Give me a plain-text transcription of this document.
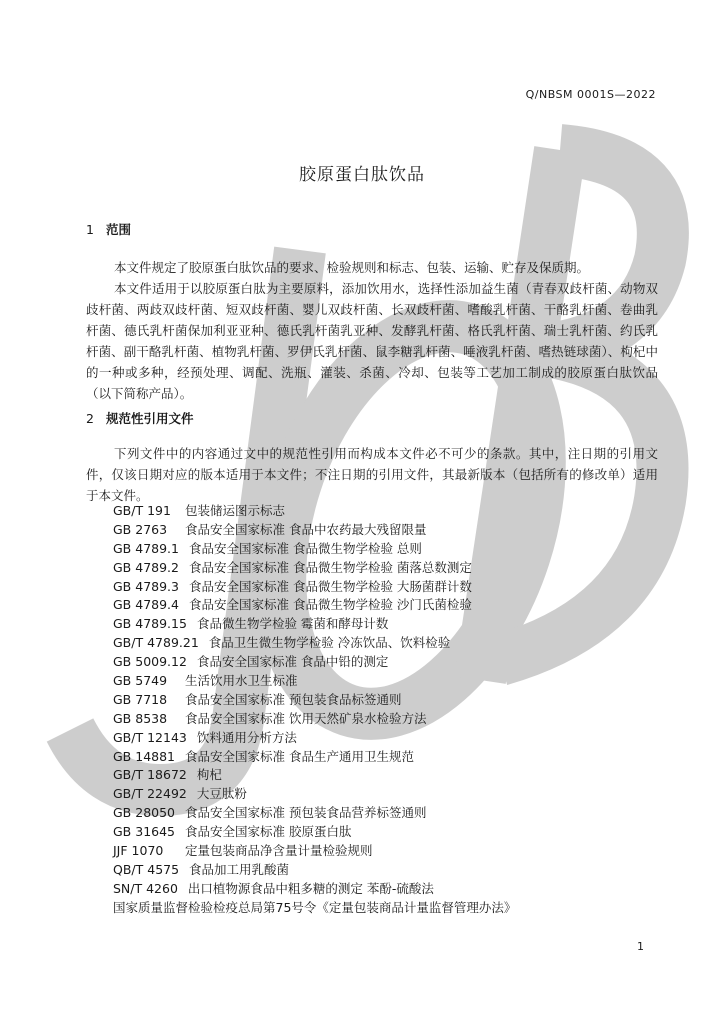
Q/NBSM 0001S—2022
胶原蛋白肽饮品
1 范围

本文件规定了胶原蛋白肽饮品的要求、检验规则和标志、包装、运输、贮存及保质期。

本文件适用于以胶原蛋白肽为主要原料，添加饮用水，选择性添加益生菌（青春双歧杆菌、动物双歧杆菌、两歧双歧杆菌、短双歧杆菌、婴儿双歧杆菌、长双歧杆菌、嗜酸乳杆菌、干酪乳杆菌、卷曲乳杆菌、德氏乳杆菌保加利亚亚种、德氏乳杆菌乳亚种、发酵乳杆菌、格氏乳杆菌、瑞士乳杆菌、约氏乳杆菌、副干酪乳杆菌、植物乳杆菌、罗伊氏乳杆菌、鼠李糖乳杆菌、唾液乳杆菌、嗜热链球菌）、枸杞中的一种或多种，经预处理、调配、洗瓶、灌装、杀菌、冷却、包装等工艺加工制成的胶原蛋白肽饮品（以下简称产品）。

2 规范性引用文件

下列文件中的内容通过文中的规范性引用而构成本文件必不可少的条款。其中，注日期的引用文件，仅该日期对应的版本适用于本文件；不注日期的引用文件，其最新版本（包括所有的修改单）适用于本文件。

GB/T 191 包装储运图示标志
GB 2763 食品安全国家标准 食品中农药最大残留限量
GB 4789.1 食品安全国家标准 食品微生物学检验 总则
GB 4789.2 食品安全国家标准 食品微生物学检验 菌落总数测定
GB 4789.3 食品安全国家标准 食品微生物学检验 大肠菌群计数
GB 4789.4 食品安全国家标准 食品微生物学检验 沙门氏菌检验
GB 4789.15 食品微生物学检验 霉菌和酵母计数
GB/T 4789.21 食品卫生微生物学检验 冷冻饮品、饮料检验
GB 5009.12 食品安全国家标准 食品中铅的测定
GB 5749 生活饮用水卫生标准
GB 7718 食品安全国家标准 预包装食品标签通则
GB 8538 食品安全国家标准 饮用天然矿泉水检验方法
GB/T 12143 饮料通用分析方法
GB 14881 食品安全国家标准 食品生产通用卫生规范
GB/T 18672 枸杞
GB/T 22492 大豆肽粉
GB 28050 食品安全国家标准 预包装食品营养标签通则
GB 31645 食品安全国家标准 胶原蛋白肽
JJF 1070 定量包装商品净含量计量检验规则
QB/T 4575 食品加工用乳酸菌
SN/T 4260 出口植物源食品中粗多糖的测定 苯酚-硫酸法
国家质量监督检验检疫总局第75号令《定量包装商品计量监督管理办法》
1
